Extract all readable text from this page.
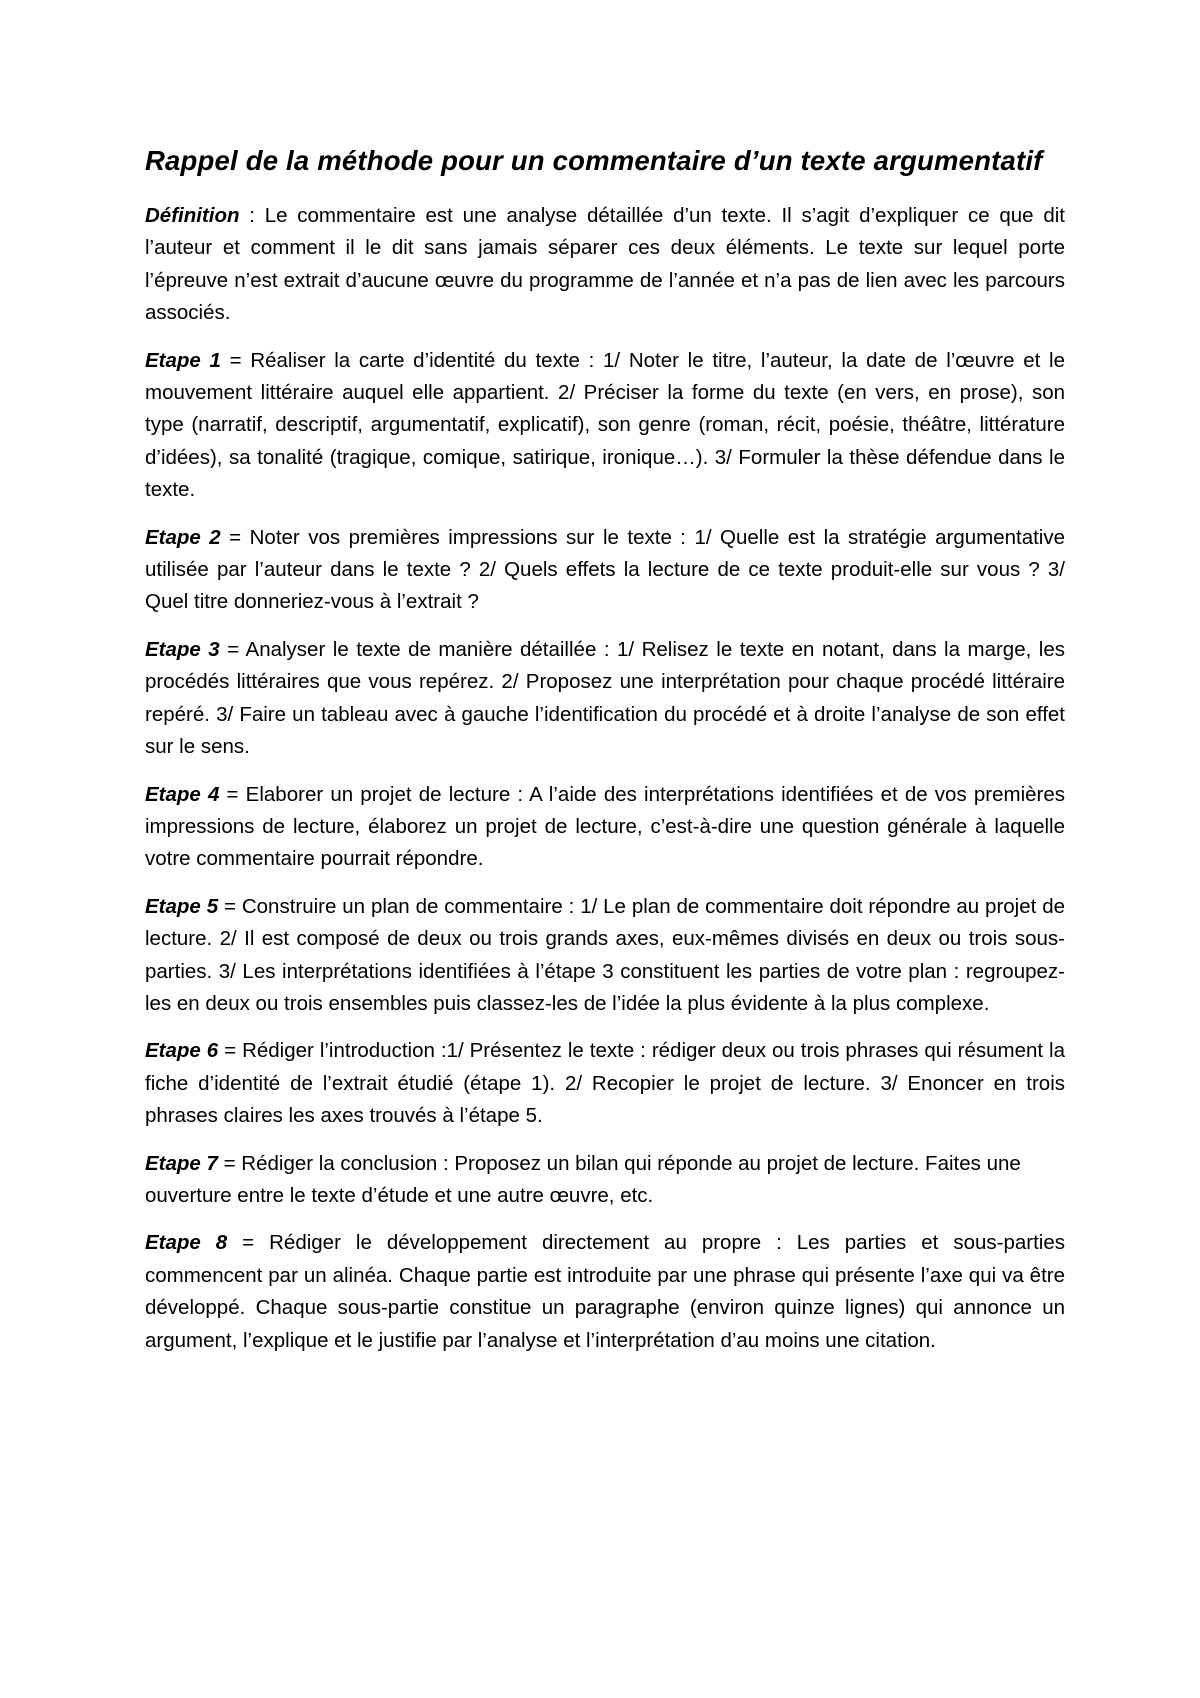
Rappel de la méthode pour un commentaire d’un texte argumentatif

Définition : Le commentaire est une analyse détaillée d’un texte. Il s’agit d’expliquer ce que dit l’auteur et comment il le dit sans jamais séparer ces deux éléments. Le texte sur lequel porte l’épreuve n’est extrait d’aucune œuvre du programme de l’année et n’a pas de lien avec les parcours associés.

Etape 1 = Réaliser la carte d’identité du texte : 1/ Noter le titre, l’auteur, la date de l’œuvre et le mouvement littéraire auquel elle appartient. 2/ Préciser la forme du texte (en vers, en prose), son type (narratif, descriptif, argumentatif, explicatif), son genre (roman, récit, poésie, théâtre, littérature d’idées), sa tonalité (tragique, comique, satirique, ironique…). 3/ Formuler la thèse défendue dans le texte.

Etape 2 = Noter vos premières impressions sur le texte : 1/ Quelle est la stratégie argumentative utilisée par l’auteur dans le texte ? 2/ Quels effets la lecture de ce texte produit-elle sur vous ? 3/ Quel titre donneriez-vous à l’extrait ?

Etape 3 = Analyser le texte de manière détaillée : 1/ Relisez le texte en notant, dans la marge, les procédés littéraires que vous repérez. 2/ Proposez une interprétation pour chaque procédé littéraire repéré. 3/ Faire un tableau avec à gauche l’identification du procédé et à droite l’analyse de son effet sur le sens.

Etape 4 = Elaborer un projet de lecture : A l’aide des interprétations identifiées et de vos premières impressions de lecture, élaborez un projet de lecture, c’est-à-dire une question générale à laquelle votre commentaire pourrait répondre.

Etape 5 = Construire un plan de commentaire : 1/ Le plan de commentaire doit répondre au projet de lecture. 2/ Il est composé de deux ou trois grands axes, eux-mêmes divisés en deux ou trois sous-parties. 3/ Les interprétations identifiées à l’étape 3 constituent les parties de votre plan : regroupez-les en deux ou trois ensembles puis classez-les de l’idée la plus évidente à la plus complexe.

Etape 6 = Rédiger l’introduction :1/ Présentez le texte : rédiger deux ou trois phrases qui résument la fiche d’identité de l’extrait étudié (étape 1). 2/ Recopier le projet de lecture. 3/ Enoncer en trois phrases claires les axes trouvés à l’étape 5.

Etape 7 = Rédiger la conclusion : Proposez un bilan qui réponde au projet de lecture. Faites une ouverture entre le texte d’étude et une autre œuvre, etc.

Etape 8 = Rédiger le développement directement au propre : Les parties et sous-parties commencent par un alinéa. Chaque partie est introduite par une phrase qui présente l’axe qui va être développé. Chaque sous-partie constitue un paragraphe (environ quinze lignes) qui annonce un argument, l’explique et le justifie par l’analyse et l’interprétation d’au moins une citation.
